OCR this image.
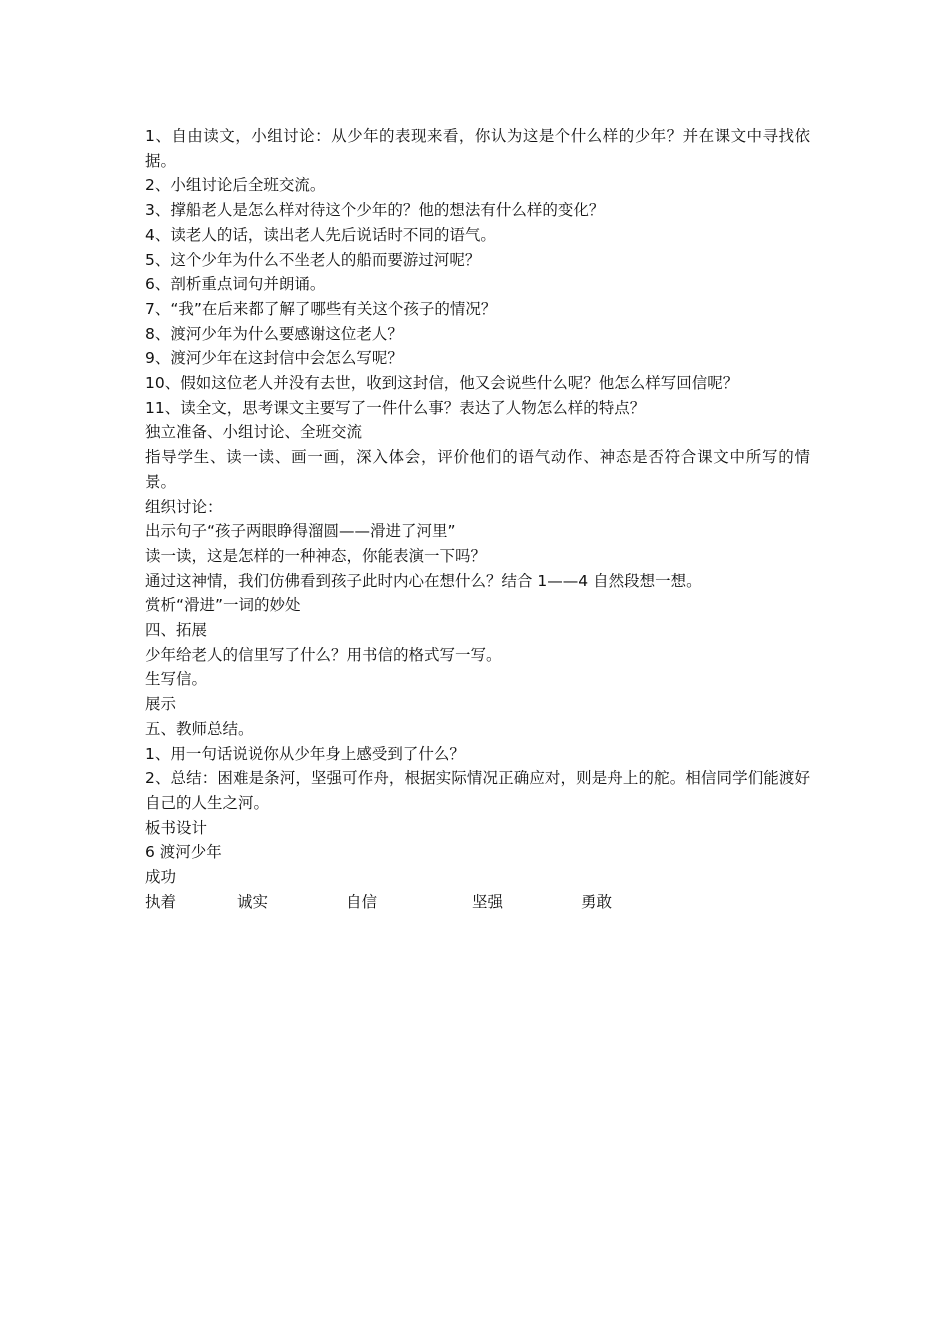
1、自由读文，小组讨论：从少年的表现来看，你认为这是个什么样的少年？并在课文中寻找依据。

2、小组讨论后全班交流。

3、撑船老人是怎么样对待这个少年的？他的想法有什么样的变化？

4、读老人的话，读出老人先后说话时不同的语气。

5、这个少年为什么不坐老人的船而要游过河呢？

6、剖析重点词句并朗诵。

7、“我”在后来都了解了哪些有关这个孩子的情况？

8、渡河少年为什么要感谢这位老人？

9、渡河少年在这封信中会怎么写呢？

10、假如这位老人并没有去世，收到这封信，他又会说些什么呢？他怎么样写回信呢？

11、读全文，思考课文主要写了一件什么事？表达了人物怎么样的特点？

独立准备、小组讨论、全班交流

指导学生、读一读、画一画，深入体会，评价他们的语气动作、神态是否符合课文中所写的情景。

组织讨论：

出示句子“孩子两眼睁得溜圆——滑进了河里”

读一读，这是怎样的一种神态，你能表演一下吗？

通过这神情，我们仿佛看到孩子此时内心在想什么？结合 1——4 自然段想一想。

赏析“滑进”一词的妙处

四、拓展

少年给老人的信里写了什么？用书信的格式写一写。

生写信。

展示

五、教师总结。

1、用一句话说说你从少年身上感受到了什么？

2、总结：困难是条河，坚强可作舟，根据实际情况正确应对，则是舟上的舵。相信同学们能渡好自己的人生之河。

板书设计

6 渡河少年

成功

执着	诚实	自信	坚强	勇敢
